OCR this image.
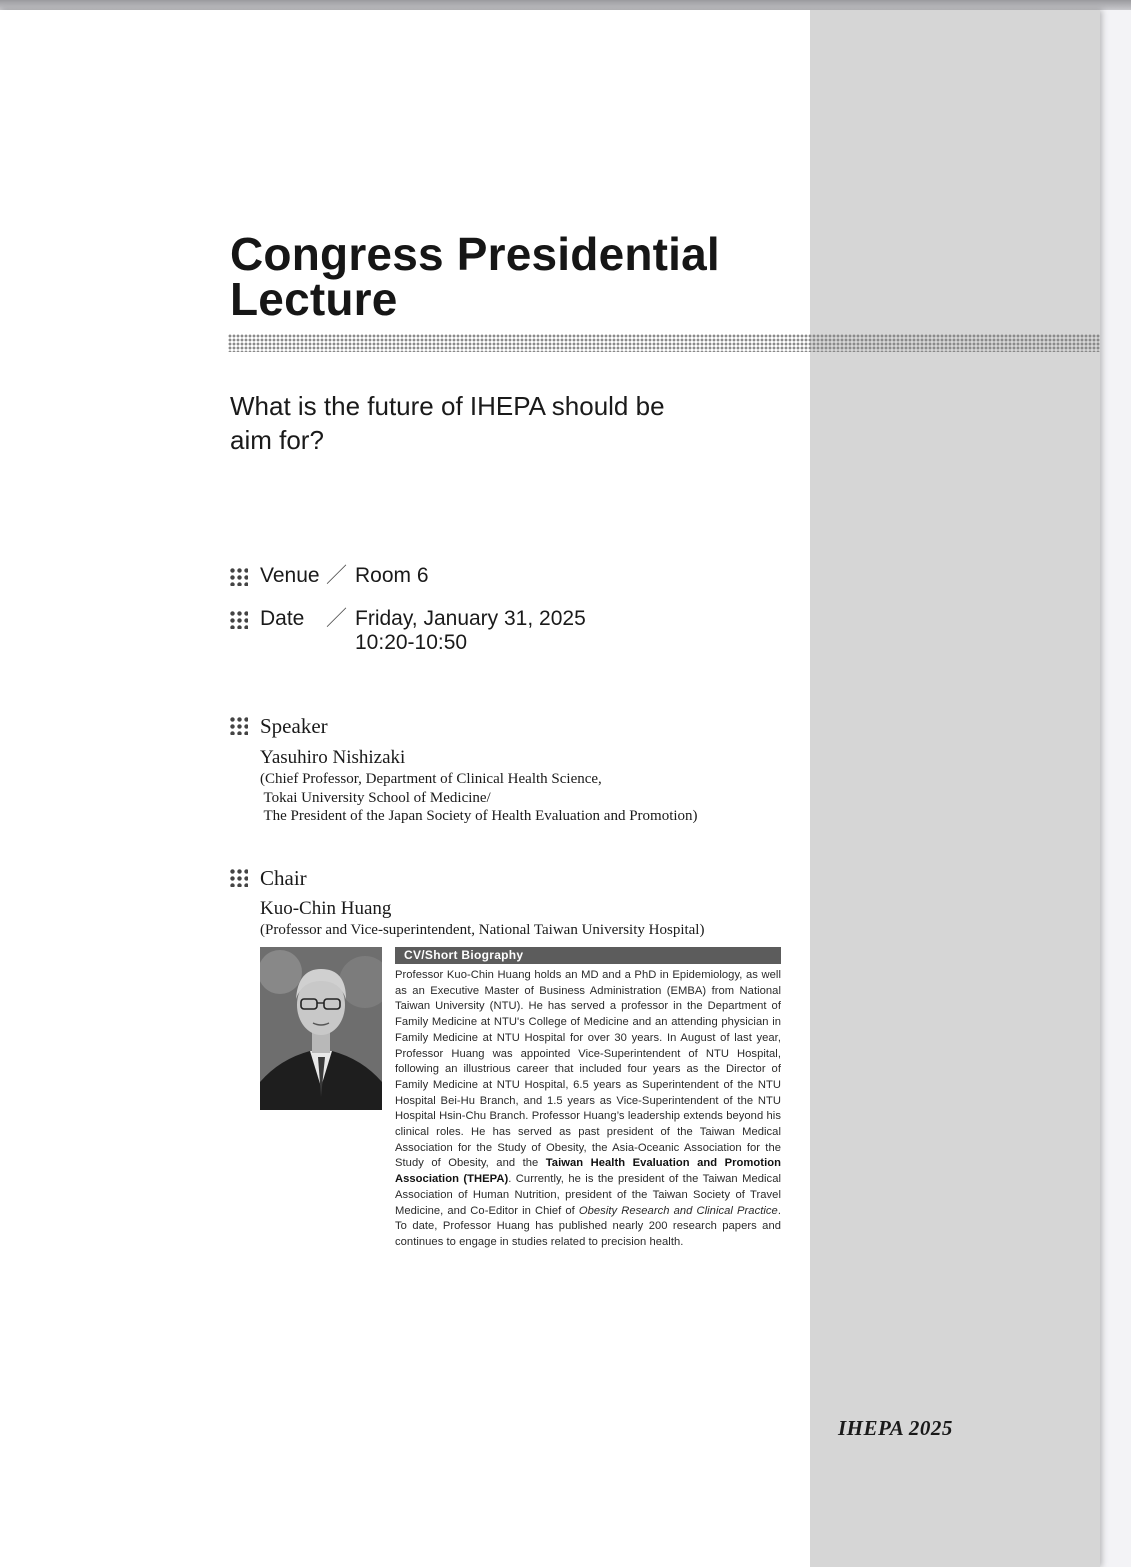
Congress Presidential
Lecture
What is the future of IHEPA should be
aim for?
Venue ／ Room 6
Date ／ Friday, January 31, 2025
10:20-10:50
Speaker
Yasuhiro Nishizaki
(Chief Professor, Department of Clinical Health Science,
Tokai University School of Medicine/
The President of the Japan Society of Health Evaluation and Promotion)
Chair
Kuo-Chin Huang
(Professor and Vice-superintendent, National Taiwan University Hospital)
CV/Short Biography

Professor Kuo-Chin Huang holds an MD and a PhD in Epidemiology, as well as an Executive Master of Business Administration (EMBA) from National Taiwan University (NTU). He has served a professor in the Department of Family Medicine at NTU's College of Medicine and an attending physician in Family Medicine at NTU Hospital for over 30 years. In August of last year, Professor Huang was appointed Vice-Superintendent of NTU Hospital, following an illustrious career that included four years as the Director of Family Medicine at NTU Hospital, 6.5 years as Superintendent of the NTU Hospital Bei-Hu Branch, and 1.5 years as Vice-Superintendent of the NTU Hospital Hsin-Chu Branch. Professor Huang’s leadership extends beyond his clinical roles. He has served as past president of the Taiwan Medical Association for the Study of Obesity, the Asia-Oceanic Association for the Study of Obesity, and the Taiwan Health Evaluation and Promotion Association (THEPA). Currently, he is the president of the Taiwan Medical Association of Human Nutrition, president of the Taiwan Society of Travel Medicine, and Co-Editor in Chief of Obesity Research and Clinical Practice. To date, Professor Huang has published nearly 200 research papers and continues to engage in studies related to precision health.

IHEPA 2025
